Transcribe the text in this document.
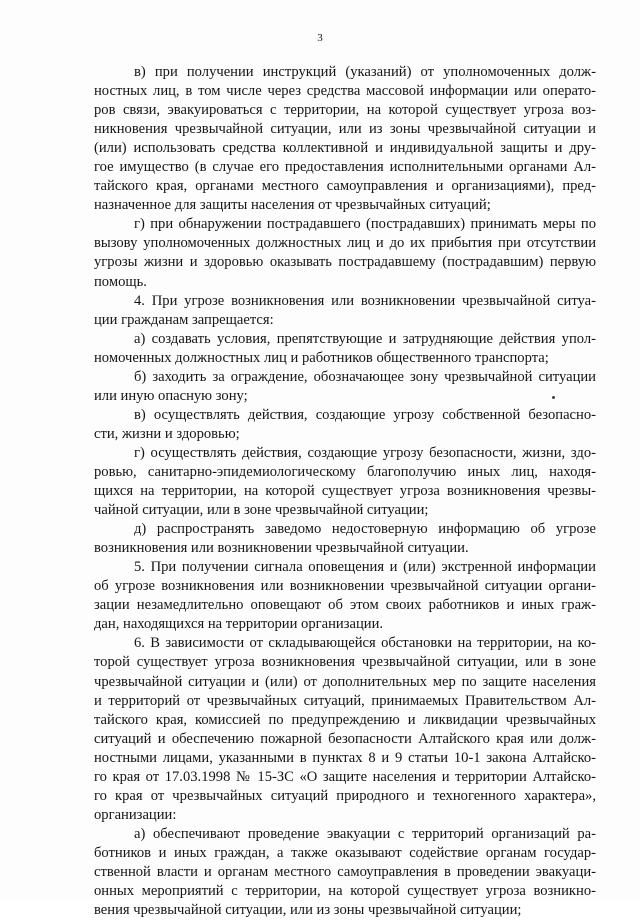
3
в) при получении инструкций (указаний) от уполномоченных долж-
ностных лиц, в том числе через средства массовой информации или операто-
ров связи, эвакуироваться с территории, на которой существует угроза воз-
никновения чрезвычайной ситуации, или из зоны чрезвычайной ситуации и
(или) использовать средства коллективной и индивидуальной защиты и дру-
гое имущество (в случае его предоставления исполнительными органами Ал-
тайского края, органами местного самоуправления и организациями), пред-
назначенное для защиты населения от чрезвычайных ситуаций;
г) при обнаружении пострадавшего (пострадавших) принимать меры по
вызову уполномоченных должностных лиц и до их прибытия при отсутствии
угрозы жизни и здоровью оказывать пострадавшему (пострадавшим) первую
помощь.
4. При угрозе возникновения или возникновении чрезвычайной ситуа-
ции гражданам запрещается:
а) создавать условия, препятствующие и затрудняющие действия упол-
номоченных должностных лиц и работников общественного транспорта;
б) заходить за ограждение, обозначающее зону чрезвычайной ситуации
или иную опасную зону;
в) осуществлять действия, создающие угрозу собственной безопасно-
сти, жизни и здоровью;
г) осуществлять действия, создающие угрозу безопасности, жизни, здо-
ровью, санитарно-эпидемиологическому благополучию иных лиц, находя-
щихся на территории, на которой существует угроза возникновения чрезвы-
чайной ситуации, или в зоне чрезвычайной ситуации;
д) распространять заведомо недостоверную информацию об угрозе
возникновения или возникновении чрезвычайной ситуации.
5. При получении сигнала оповещения и (или) экстренной информации
об угрозе возникновения или возникновении чрезвычайной ситуации органи-
зации незамедлительно оповещают об этом своих работников и иных граж-
дан, находящихся на территории организации.
6. В зависимости от складывающейся обстановки на территории, на ко-
торой существует угроза возникновения чрезвычайной ситуации, или в зоне
чрезвычайной ситуации и (или) от дополнительных мер по защите населения
и территорий от чрезвычайных ситуаций, принимаемых Правительством Ал-
тайского края, комиссией по предупреждению и ликвидации чрезвычайных
ситуаций и обеспечению пожарной безопасности Алтайского края или долж-
ностными лицами, указанными в пунктах 8 и 9 статьи 10-1 закона Алтайско-
го края от 17.03.1998 № 15-ЗС «О защите населения и территории Алтайско-
го края от чрезвычайных ситуаций природного и техногенного характера»,
организации:
а) обеспечивают проведение эвакуации с территорий организаций ра-
ботников и иных граждан, а также оказывают содействие органам государ-
ственной власти и органам местного самоуправления в проведении эвакуаци-
онных мероприятий с территории, на которой существует угроза возникно-
вения чрезвычайной ситуации, или из зоны чрезвычайной ситуации;
